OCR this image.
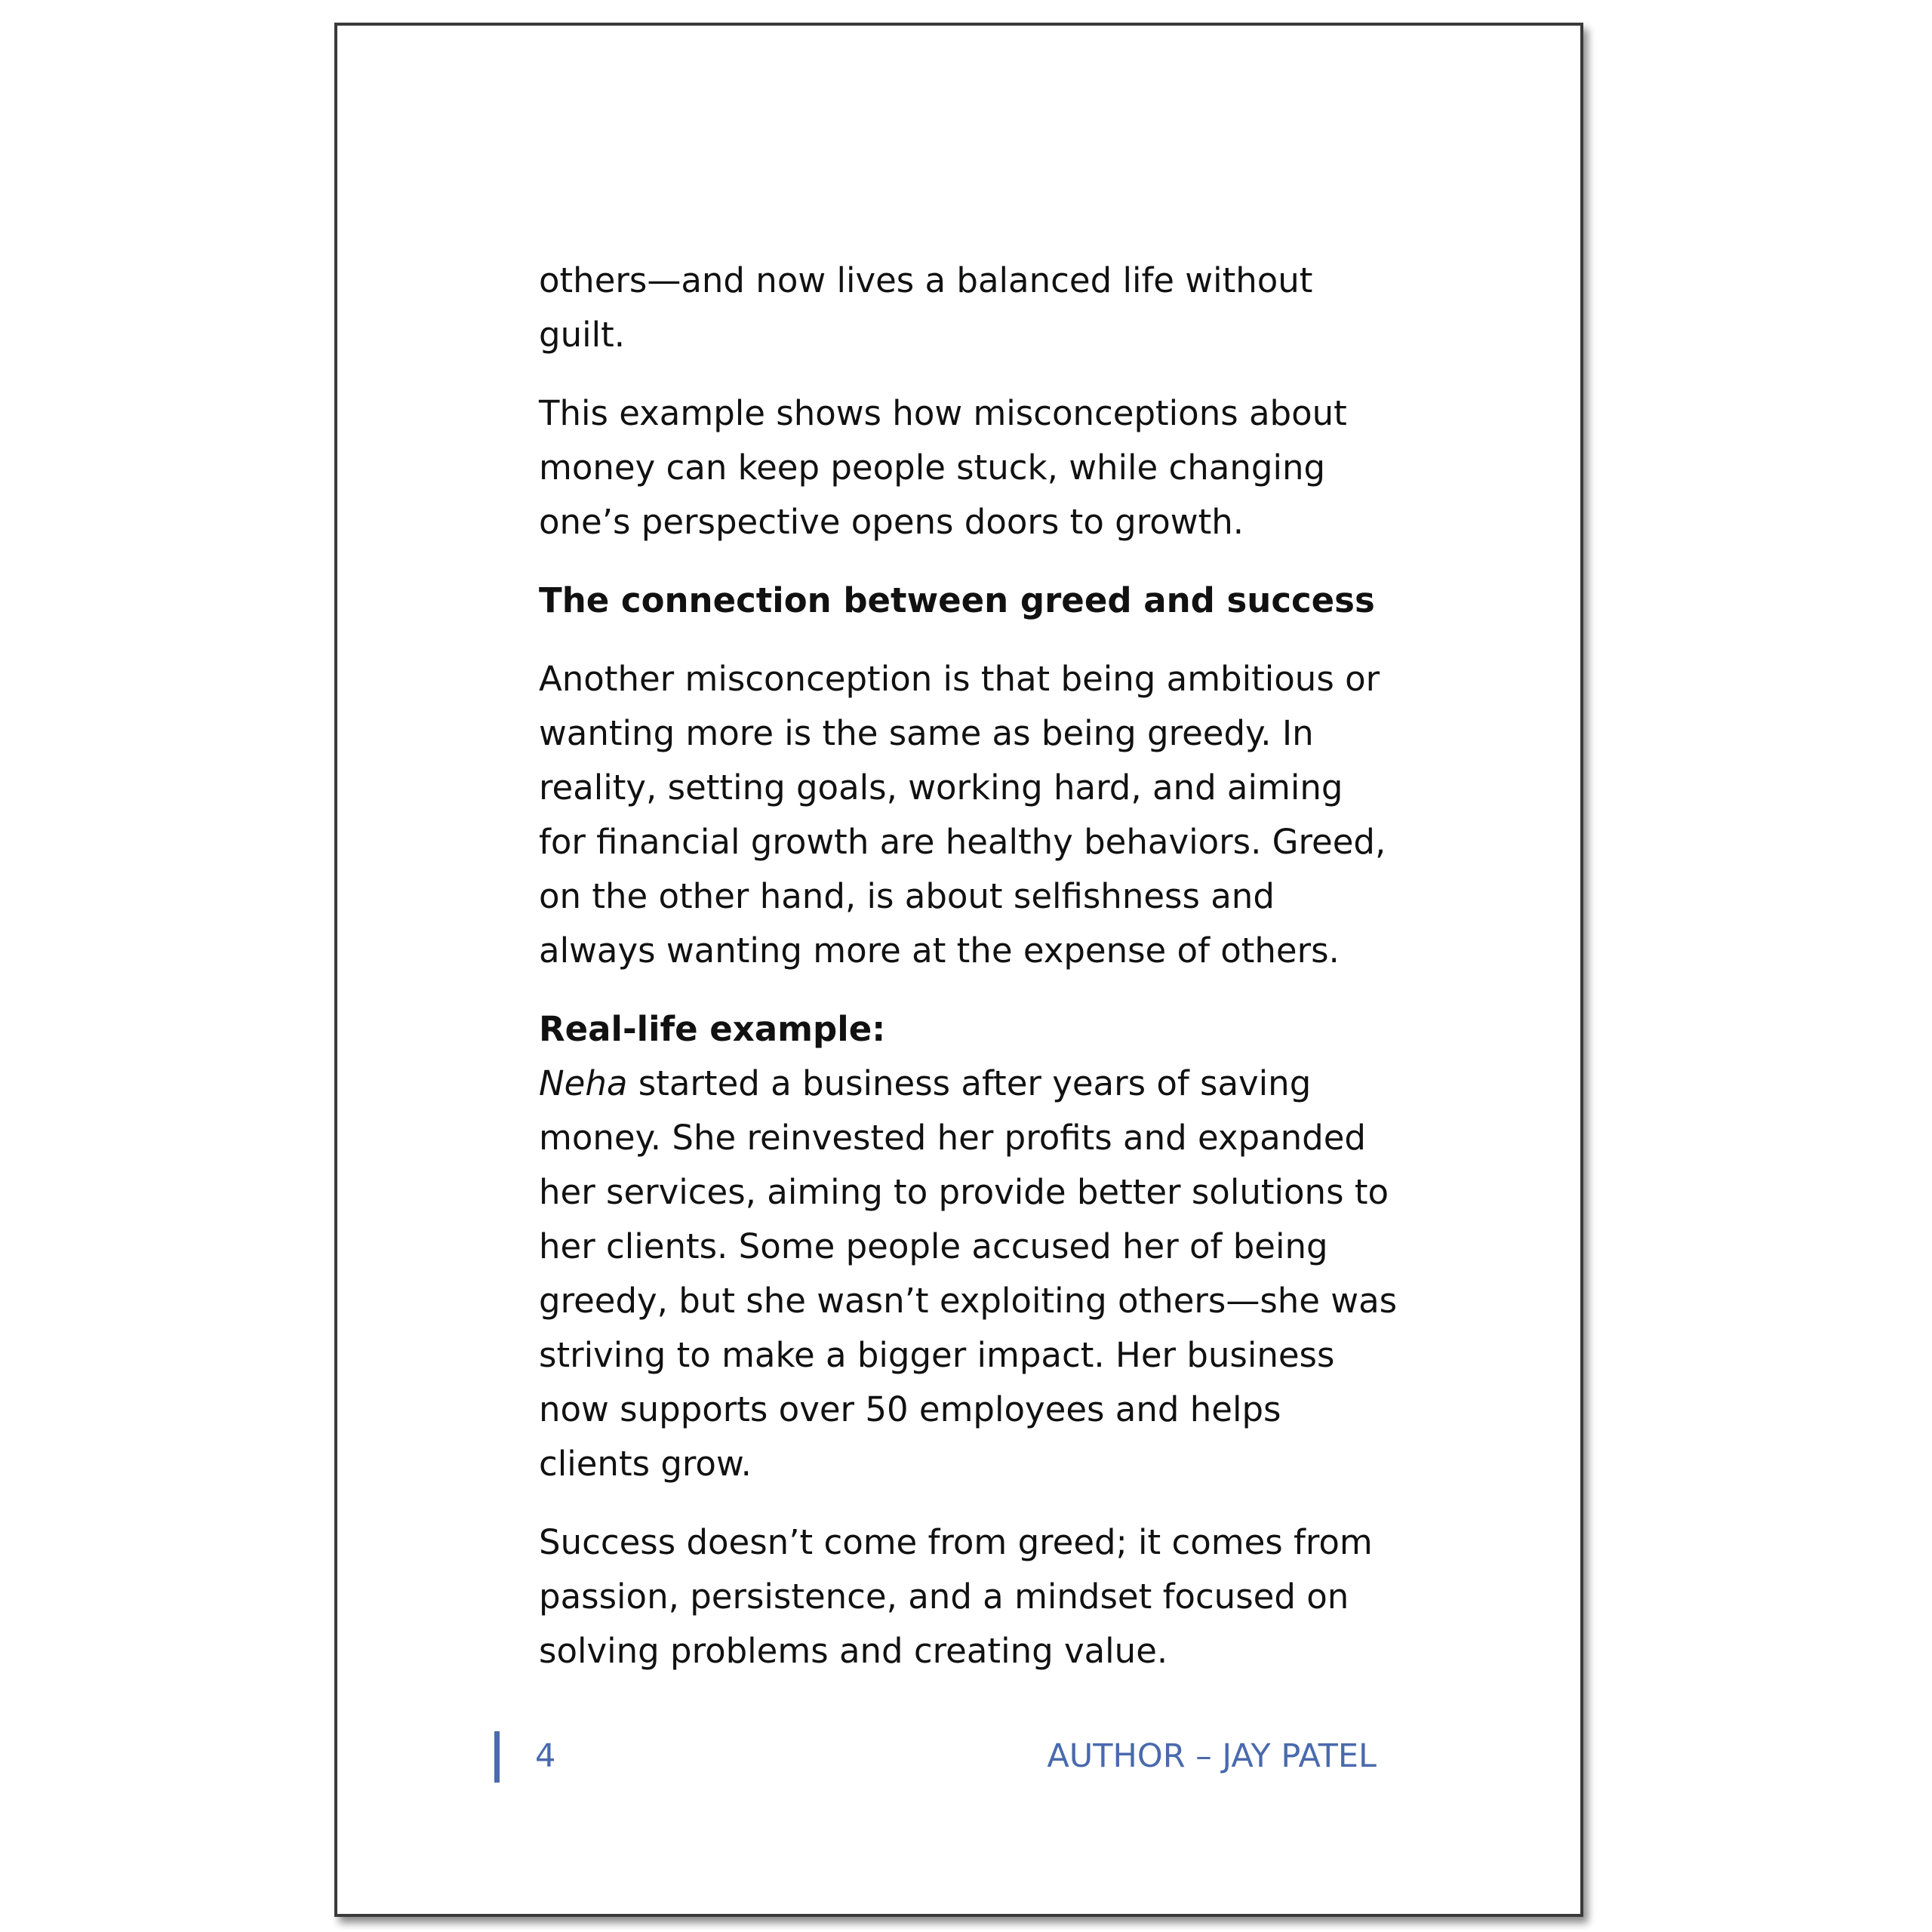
others—and now lives a balanced life without guilt.

This example shows how misconceptions about money can keep people stuck, while changing one’s perspective opens doors to growth.

The connection between greed and success

Another misconception is that being ambitious or wanting more is the same as being greedy. In reality, setting goals, working hard, and aiming for financial growth are healthy behaviors. Greed, on the other hand, is about selfishness and always wanting more at the expense of others.

Real-life example:
Neha started a business after years of saving money. She reinvested her profits and expanded her services, aiming to provide better solutions to her clients. Some people accused her of being greedy, but she wasn’t exploiting others—she was striving to make a bigger impact. Her business now supports over 50 employees and helps clients grow.

Success doesn’t come from greed; it comes from passion, persistence, and a mindset focused on solving problems and creating value.

4	AUTHOR – JAY PATEL
